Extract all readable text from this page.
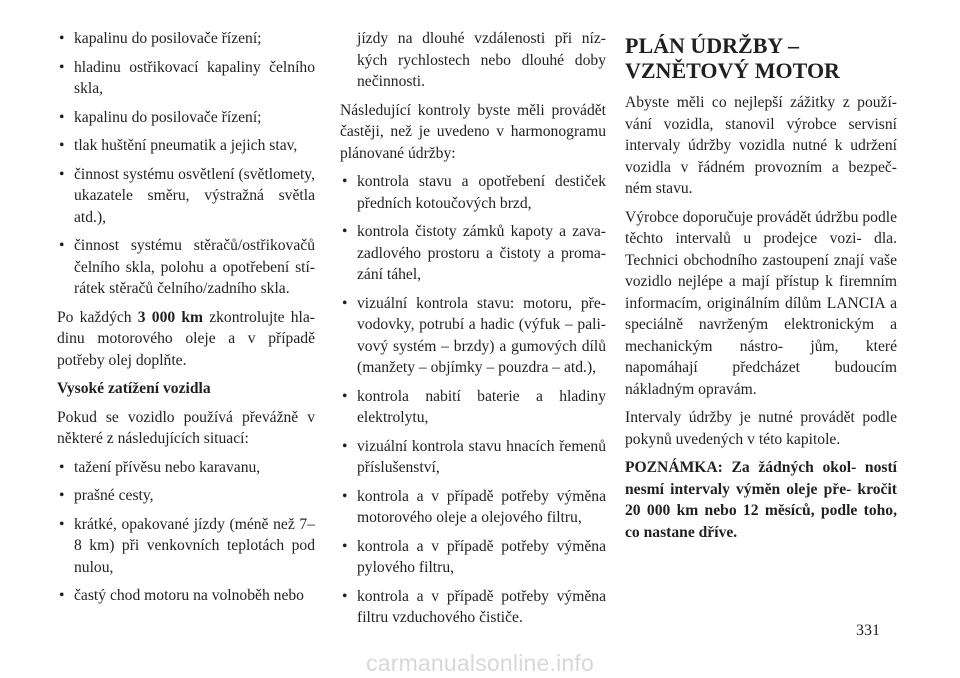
• kapalinu do posilovače řízení;
• hladinu ostřikovací kapaliny čelního skla,
• kapalinu do posilovače řízení;
• tlak huštění pneumatik a jejich stav,
• činnost systému osvětlení (světlomety, ukazatele směru, výstražná světla atd.),
• činnost systému stěračů/ostřikovačů čelního skla, polohu a opotřebení stí- rátek stěračů čelního/zadního skla.

Po každých 3 000 km zkontrolujte hla- dinu motorového oleje a v případě potřeby olej doplňte.

Vysoké zatížení vozidla

Pokud se vozidlo používá převážně v některé z následujících situací:

• tažení přívěsu nebo karavanu,
• prašné cesty,
• krátké, opakované jízdy (méně než 7–8 km) při venkovních teplotách pod nulou,
• častý chod motoru na volnoběh nebo
jízdy na dlouhé vzdálenosti při níz- kých rychlostech nebo dlouhé doby nečinnosti.

Následující kontroly byste měli provádět častěji, než je uvedeno v harmonogramu plánované údržby:

• kontrola stavu a opotřebení destiček předních kotoučových brzd,
• kontrola čistoty zámků kapoty a zava- zadlového prostoru a čistoty a proma- zání táhel,
• vizuální kontrola stavu: motoru, pře- vodovky, potrubí a hadic (výfuk – pali- vový systém – brzdy) a gumových dílů (manžety – objímky – pouzdra – atd.),
• kontrola nabití baterie a hladiny elektrolytu,
• vizuální kontrola stavu hnacích řemenů příslušenství,
• kontrola a v případě potřeby výměna motorového oleje a olejového filtru,
• kontrola a v případě potřeby výměna pylového filtru,
• kontrola a v případě potřeby výměna filtru vzduchového čističe.
PLÁN ÚDRŽBY –
VZNĚTOVÝ MOTOR

Abyste měli co nejlepší zážitky z použí- vání vozidla, stanovil výrobce servisní intervaly údržby vozidla nutné k udržení vozidla v řádném provozním a bezpeč- ném stavu.

Výrobce doporučuje provádět údržbu podle těchto intervalů u prodejce vozi- dla. Technici obchodního zastoupení znají vaše vozidlo nejlépe a mají přístup k firemním informacím, originálním dílům LANCIA a speciálně navrženým elektronickým a mechanickým nástro- jům, které napomáhají předcházet budoucím nákladným opravám.

Intervaly údržby je nutné provádět podle pokynů uvedených v této kapitole.

POZNÁMKA: Za žádných okol- ností nesmí intervaly výměn oleje pře- kročit 20 000 km nebo 12 měsíců, podle toho, co nastane dříve.

331
carmanualsonline.info
